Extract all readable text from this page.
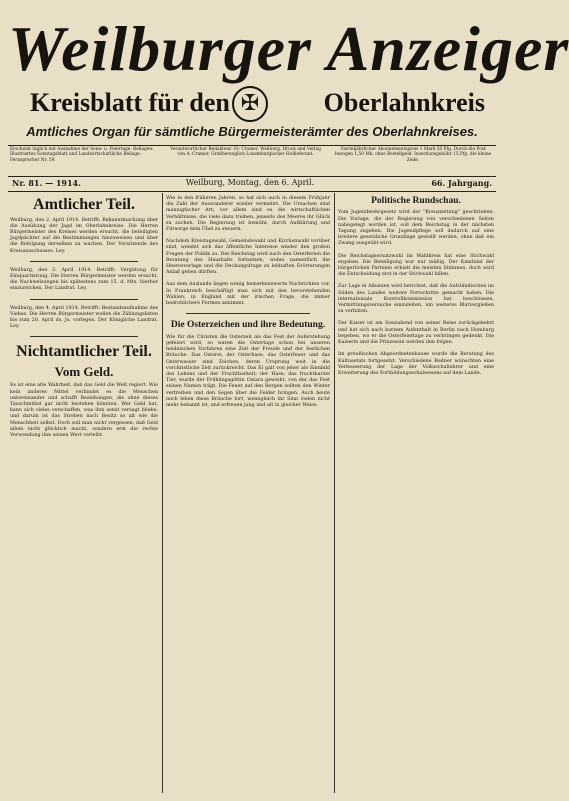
Weilburger Anzeiger
Kreisblatt für den ✠	Oberlahnkreis
Amtliches Organ für sämtliche Bürgermeisterämter des Oberlahnkreises.

Erscheint täglich mit Ausnahme der Sonn- u. Feiertage. Beilagen: Illustriertes Sonntagsblatt und Landwirtschaftliche Beilage. Fernsprecher Nr. 59.

Verantwortlicher Redakteur: Fr. Cramer, Weilburg. Druck und Verlag von A. Cramer, Großherzoglich Luxemburgischer Hoflieferant.

Vierteljährlicher Abonnementspreis 1 Mark 50 Pfg. Durch die Post bezogen 1,50 Mk. ohne Bestellgeld. Insertionsgebühr 15 Pfg. die kleine Zeile.

Nr. 81. — 1914.	Weilburg, Montag, den 6. April.	66. Jahrgang.
Amtlicher Teil.

Weilburg, den 2. April 1914. Betrifft: Bekanntmachung über die Ausübung der Jagd im Oberlahnkreise. Die Herren Bürgermeister des Kreises werden ersucht, die beteiligten Jagdpächter auf die Bestimmungen hinzuweisen und über die Befolgung derselben zu wachen. Der Vorsitzende des Kreisausschusses. Ley.

Weilburg, den 3. April 1914. Betrifft: Vergütung für Einquartierung. Die Herren Bürgermeister werden ersucht, die Nachweisungen bis spätestens zum 15. d. Mts. hierher einzureichen. Der Landrat. Ley.

Weilburg, den 4. April 1914. Betrifft: Bestandsaufnahme des Viehes. Die Herren Bürgermeister wollen die Zählungslisten bis zum 20. April ds. Js. vorlegen. Der Königliche Landrat. Ley.

Nichtamtlicher Teil.
Vom Geld.

Es ist eine alte Wahrheit, daß das Geld die Welt regiert. Wie kein anderes Mittel verbindet es die Menschen untereinander und schafft Beziehungen, die ohne dieses Tauschmittel gar nicht bestehen könnten. Wer Geld hat, kann sich vieles verschaffen, was ihm sonst versagt bliebe, und darum ist das Streben nach Besitz so alt wie die Menschheit selbst. Doch soll man nicht vergessen, daß Geld allein nicht glücklich macht, sondern erst die rechte Verwendung ihm seinen Wert verleiht.

Wie in den früheren Jahren, so hat sich auch in diesem Frühjahr die Zahl der Auswanderer wieder vermehrt. Die Ursachen sind mannigfacher Art; vor allem sind es die wirtschaftlichen Verhältnisse, die viele dazu treiben, jenseits des Meeres ihr Glück zu suchen. Die Regierung ist bemüht, durch Aufklärung und Fürsorge dem Übel zu steuern.

Nachdem Kreistagswahl, Gemeindewahl und Kirchenwahl vorüber sind, wendet sich das öffentliche Interesse wieder den großen Fragen der Politik zu. Der Reichstag wird nach den Osterferien die Beratung des Haushalts fortsetzen, wobei namentlich die Heeresvorlage und die Deckungsfrage zu lebhaften Erörterungen Anlaß geben dürften.

Aus dem Auslande liegen wenig bemerkenswerte Nachrichten vor. In Frankreich beschäftigt man sich mit den bevorstehenden Wahlen, in England mit der irischen Frage, die immer bedrohlichere Formen annimmt.

Die Osterzeichen und ihre Bedeutung.

Wie für die Christen die Osterzeit als das Fest der Auferstehung gefeiert wird, so waren die Ostertage schon bei unseren heidnischen Vorfahren eine Zeit der Freude und der festlichen Bräuche. Das Osterei, der Osterhase, das Osterfeuer und das Osterwasser sind Zeichen, deren Ursprung weit in die vorchristliche Zeit zurückreicht. Das Ei galt von jeher als Sinnbild des Lebens und der Fruchtbarkeit; der Hase, das fruchtbarste Tier, wurde der Frühlingsgöttin Ostara geweiht, von der das Fest seinen Namen trägt. Die Feuer auf den Bergen sollten den Winter vertreiben und den Segen über die Felder bringen. Auch heute noch leben diese Bräuche fort, wenngleich ihr Sinn vielen nicht mehr bekannt ist, und erfreuen jung und alt in gleicher Weise.

Politische Rundschau.

Vom Jugendwehrgesetz wird der "Kreuzzeitung" geschrieben: Die Vorlage, die der Regierung von verschiedenen Seiten nahegelegt worden ist, soll dem Reichstag in der nächsten Tagung zugehen. Die Jugendpflege soll dadurch auf eine breitere gesetzliche Grundlage gestellt werden, ohne daß ein Zwang ausgeübt wird.

Die Reichstagsersatzwahl im Wahlkreis hat eine Stichwahl ergeben. Die Beteiligung war nur mäßig. Der Kandidat der bürgerlichen Parteien erhielt die meisten Stimmen, doch wird die Entscheidung erst in der Stichwahl fallen.

Zur Lage in Albanien wird berichtet, daß die Aufständischen im Süden des Landes weitere Fortschritte gemacht haben. Die internationale Kontrollkommission hat beschlossen, Vermittlungsversuche einzuleiten, um weiteres Blutvergießen zu verhüten.

Der Kaiser ist am Sonnabend von seiner Reise zurückgekehrt und hat sich nach kurzem Aufenthalt in Berlin nach Homburg begeben, wo er die Osterfeiertage zu verbringen gedenkt. Die Kaiserin und die Prinzessin werden ihm folgen.

Im preußischen Abgeordnetenhause wurde die Beratung des Kultusetats fortgesetzt. Verschiedene Redner wünschten eine Verbesserung der Lage der Volksschullehrer und eine Erweiterung des Fortbildungsschulwesens auf dem Lande.
